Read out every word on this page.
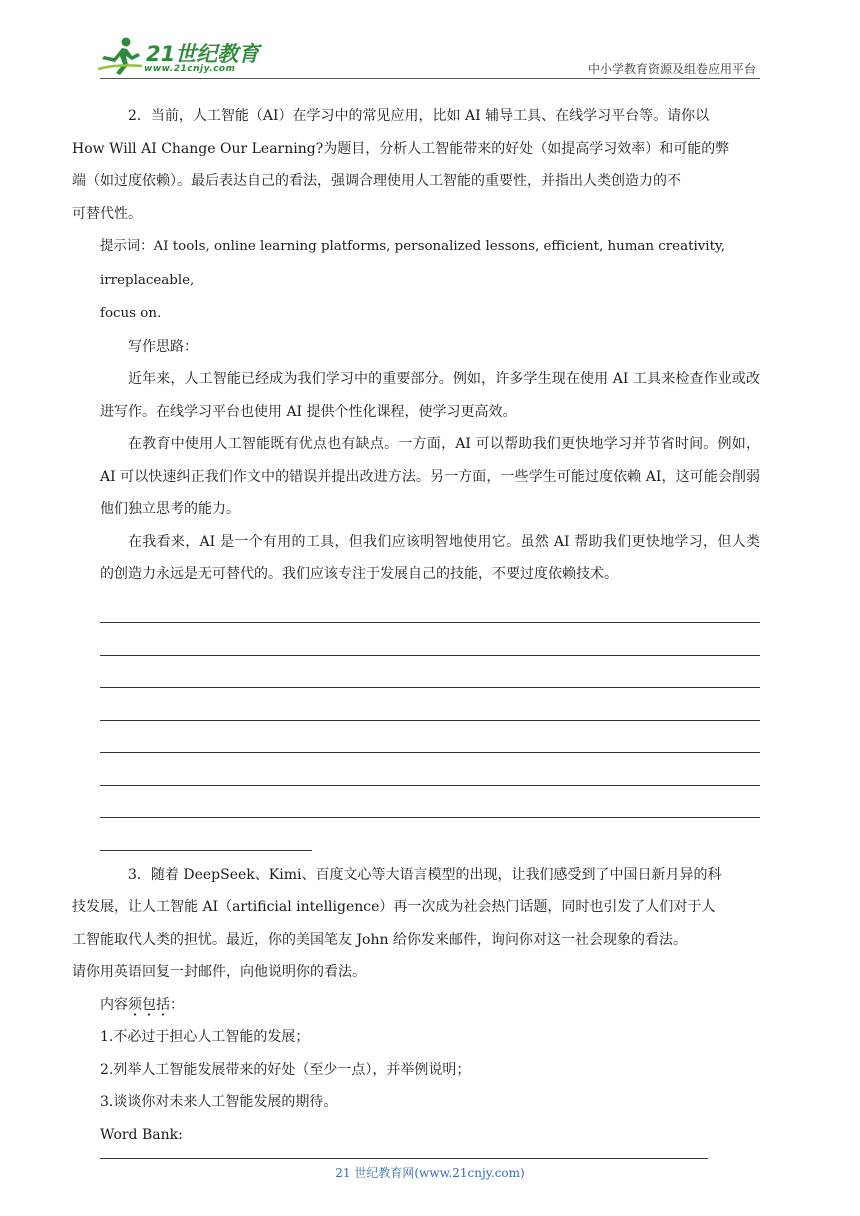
21世纪教育
www.21cnjy.com	中小学教育资源及组卷应用平台

2．当前，人工智能（AI）在学习中的常见应用，比如 AI 辅导工具、在线学习平台等。请你以
How Will AI Change Our Learning?为题目，分析人工智能带来的好处（如提高学习效率）和可能的弊
端（如过度依赖）。最后表达自己的看法，强调合理使用人工智能的重要性，并指出人类创造力的不
可替代性。

提示词：AI tools, online learning platforms, personalized lessons, efficient, human creativity, irreplaceable,
focus on.

写作思路：

近年来，人工智能已经成为我们学习中的重要部分。例如，许多学生现在使用 AI 工具来检查作业或改进写作。在线学习平台也使用 AI 提供个性化课程，使学习更高效。

在教育中使用人工智能既有优点也有缺点。一方面，AI 可以帮助我们更快地学习并节省时间。例如，AI 可以快速纠正我们作文中的错误并提出改进方法。另一方面，一些学生可能过度依赖 AI，这可能会削弱他们独立思考的能力。

在我看来，AI 是一个有用的工具，但我们应该明智地使用它。虽然 AI 帮助我们更快地学习，但人类的创造力永远是无可替代的。我们应该专注于发展自己的技能，不要过度依赖技术。

3．随着 DeepSeek、Kimi、百度文心等大语言模型的出现，让我们感受到了中国日新月异的科
技发展，让人工智能 AI（artificial intelligence）再一次成为社会热门话题，同时也引发了人们对于人
工智能取代人类的担忧。最近，你的美国笔友 John 给你发来邮件，询问你对这一社会现象的看法。
请你用英语回复一封邮件，向他说明你的看法。

内容须包括：

1.不必过于担心人工智能的发展；

2.列举人工智能发展带来的好处（至少一点），并举例说明；

3.谈谈你对未来人工智能发展的期待。

Word Bank:

21 世纪教育网(www.21cnjy.com)
